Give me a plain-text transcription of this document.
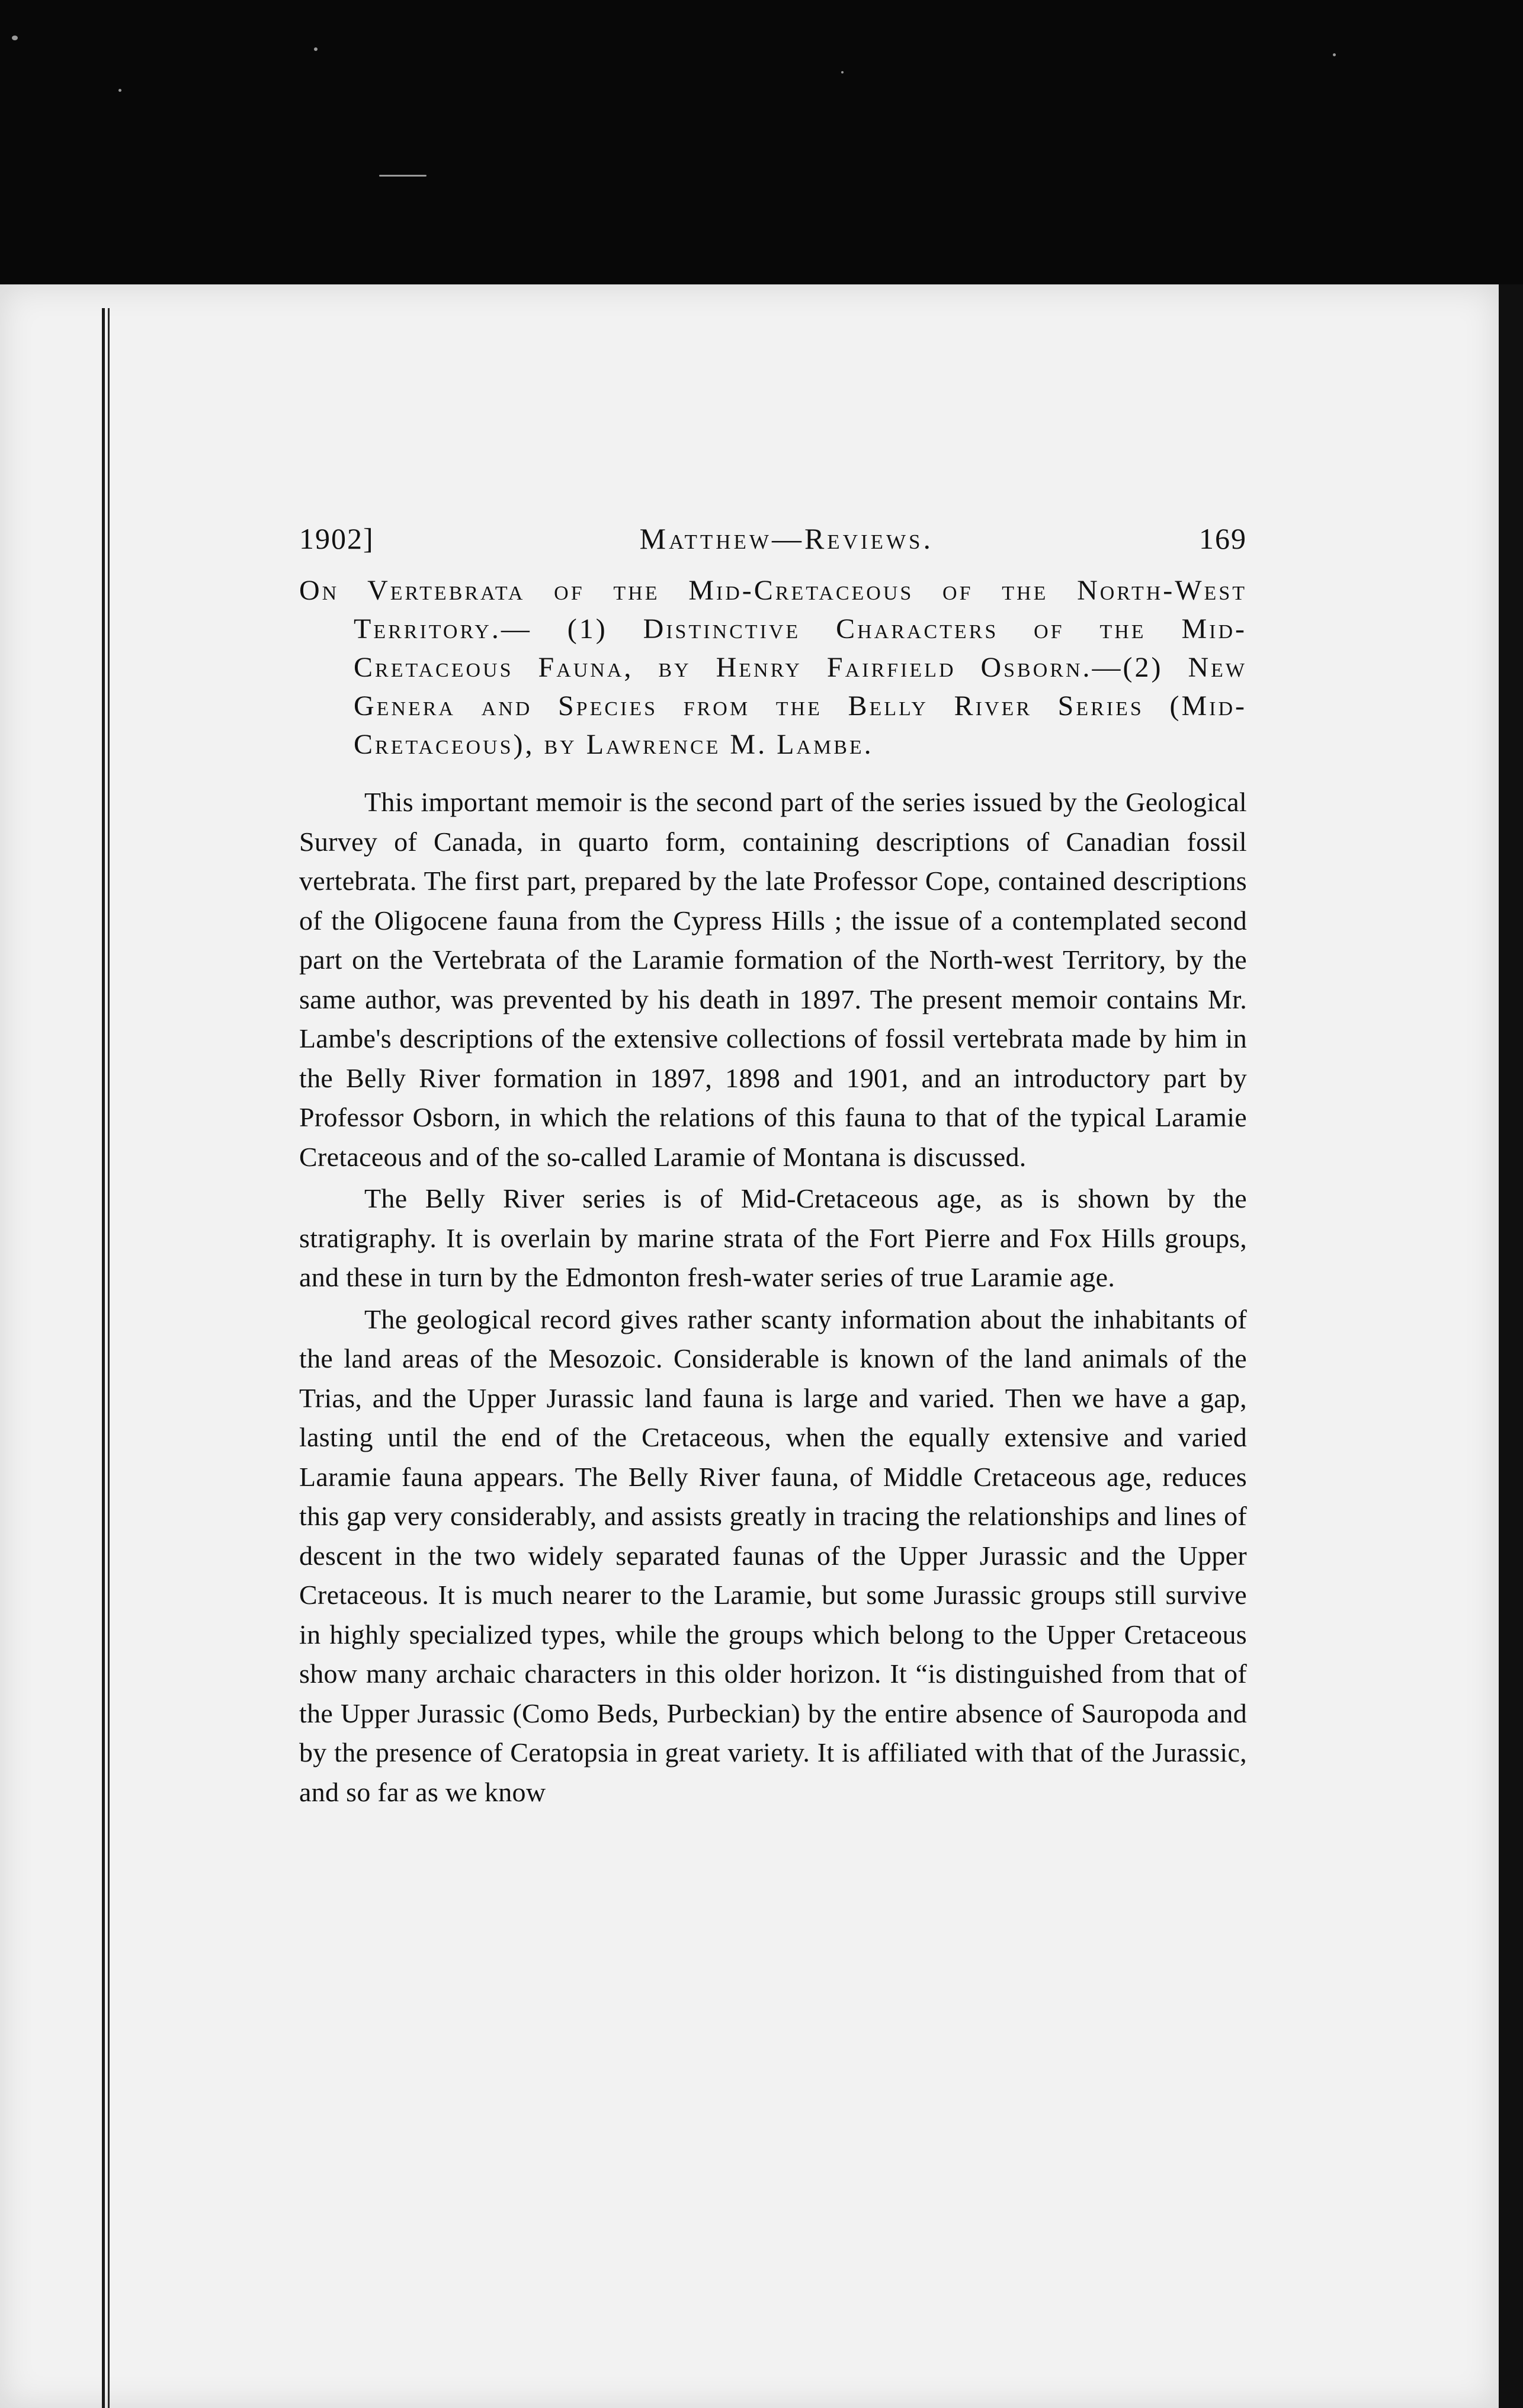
1902]	Matthew—Reviews.	169
On Vertebrata of the Mid-Cretaceous of the North-West Territory.— (1) Distinctive Characters of the Mid-Cretaceous Fauna, by Henry Fairfield Osborn.—(2) New Genera and Species from the Belly River Series (Mid-Cretaceous), by Lawrence M. Lambe.

This important memoir is the second part of the series issued by the Geological Survey of Canada, in quarto form, containing descriptions of Canadian fossil vertebrata. The first part, prepared by the late Professor Cope, contained descriptions of the Oligocene fauna from the Cypress Hills ; the issue of a contemplated second part on the Vertebrata of the Laramie formation of the North-west Territory, by the same author, was prevented by his death in 1897. The present memoir contains Mr. Lambe's descriptions of the extensive collections of fossil vertebrata made by him in the Belly River formation in 1897, 1898 and 1901, and an introductory part by Professor Osborn, in which the relations of this fauna to that of the typical Laramie Cretaceous and of the so-called Laramie of Montana is discussed.

The Belly River series is of Mid-Cretaceous age, as is shown by the stratigraphy. It is overlain by marine strata of the Fort Pierre and Fox Hills groups, and these in turn by the Edmonton fresh-water series of true Laramie age.

The geological record gives rather scanty information about the inhabitants of the land areas of the Mesozoic. Considerable is known of the land animals of the Trias, and the Upper Jurassic land fauna is large and varied. Then we have a gap, lasting until the end of the Cretaceous, when the equally extensive and varied Laramie fauna appears. The Belly River fauna, of Middle Cretaceous age, reduces this gap very considerably, and assists greatly in tracing the relationships and lines of descent in the two widely separated faunas of the Upper Jurassic and the Upper Cretaceous. It is much nearer to the Laramie, but some Jurassic groups still survive in highly specialized types, while the groups which belong to the Upper Cretaceous show many archaic characters in this older horizon. It “is distinguished from that of the Upper Jurassic (Como Beds, Purbeckian) by the entire absence of Sauropoda and by the presence of Ceratopsia in great variety. It is affiliated with that of the Jurassic, and so far as we know
